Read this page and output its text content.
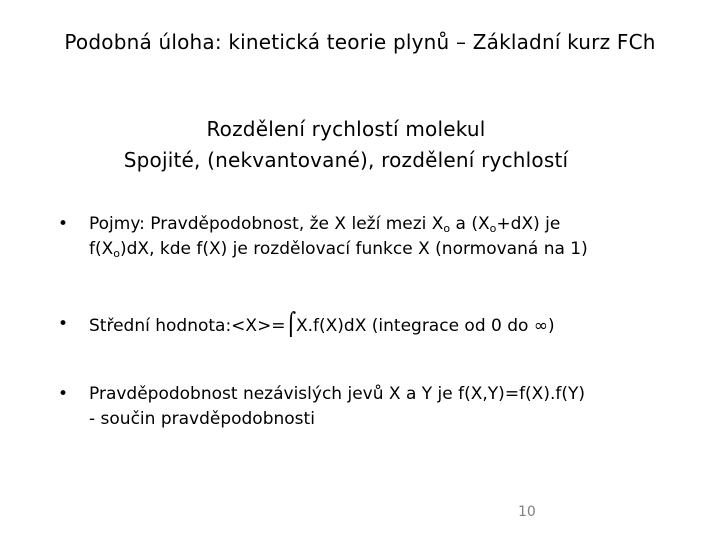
Podobná úloha: kinetická teorie plynů – Základní kurz FCh
Rozdělení rychlostí molekul
Spojité, (nekvantované), rozdělení rychlostí
• Pojmy: Pravděpodobnost, že X leží mezi $X_o$ a $(X_o+dX)$ je
$f(X_o)dX$, kde f(X) je rozdělovací funkce X (normovaná na 1)
• Střední hodnota:<X>=⌠X.f(X)dX (integrace od 0 do ∞)
• Pravděpodobnost nezávislých jevů X a Y je f(X,Y)=f(X).f(Y)
- součin pravděpodobnosti
10
